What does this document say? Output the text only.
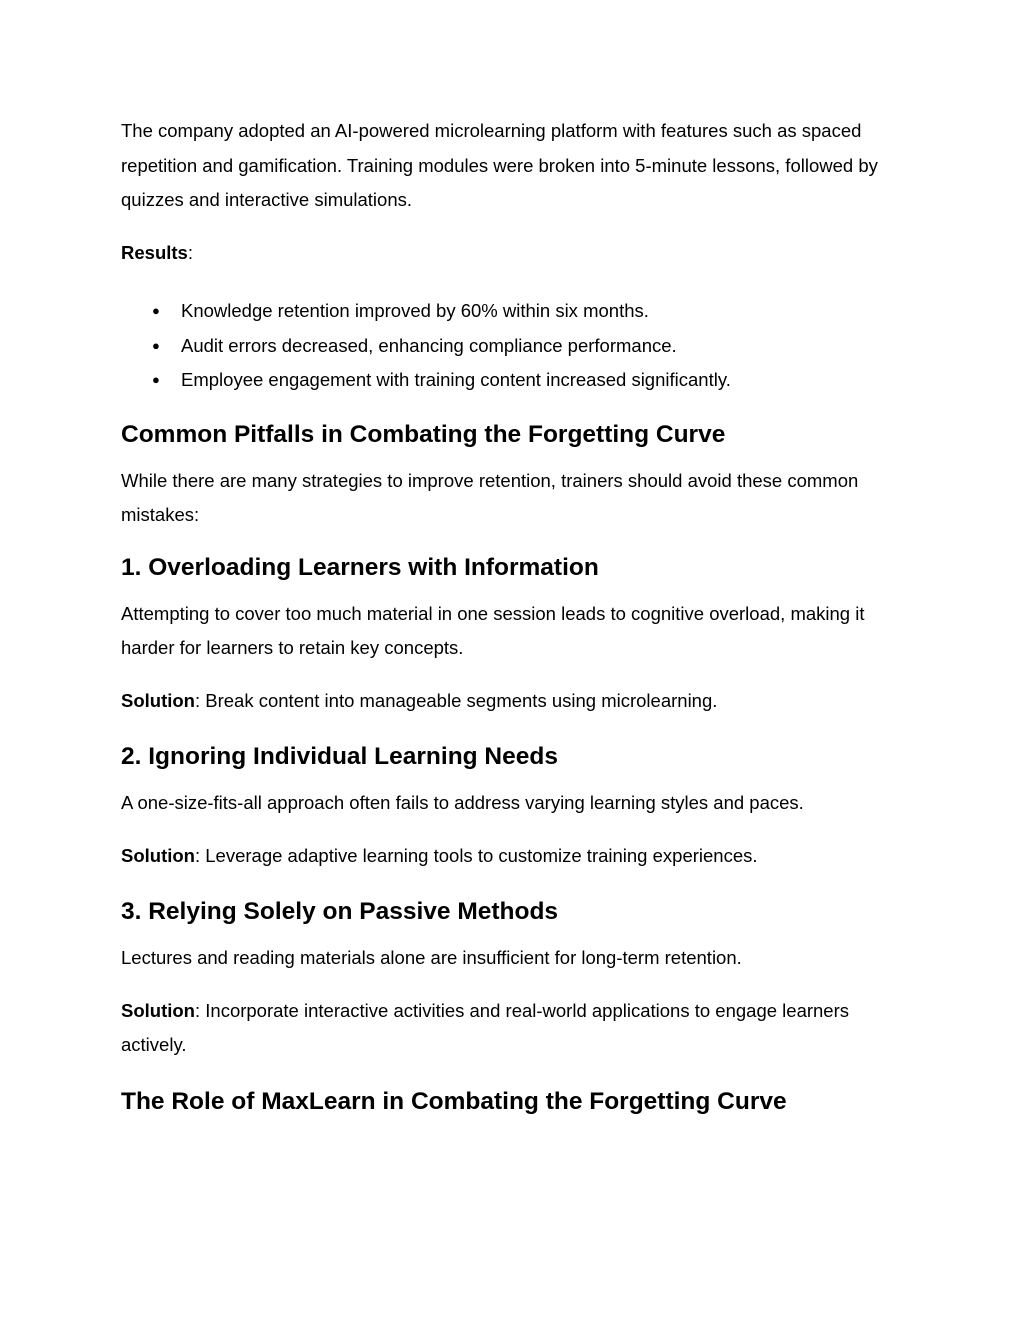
The company adopted an AI-powered microlearning platform with features such as spaced repetition and gamification. Training modules were broken into 5-minute lessons, followed by quizzes and interactive simulations.

Results:

● Knowledge retention improved by 60% within six months.
● Audit errors decreased, enhancing compliance performance.
● Employee engagement with training content increased significantly.
Common Pitfalls in Combating the Forgetting Curve

While there are many strategies to improve retention, trainers should avoid these common mistakes:

1. Overloading Learners with Information

Attempting to cover too much material in one session leads to cognitive overload, making it harder for learners to retain key concepts.

Solution: Break content into manageable segments using microlearning.

2. Ignoring Individual Learning Needs

A one-size-fits-all approach often fails to address varying learning styles and paces.

Solution: Leverage adaptive learning tools to customize training experiences.

3. Relying Solely on Passive Methods

Lectures and reading materials alone are insufficient for long-term retention.

Solution: Incorporate interactive activities and real-world applications to engage learners actively.

The Role of MaxLearn in Combating the Forgetting Curve
